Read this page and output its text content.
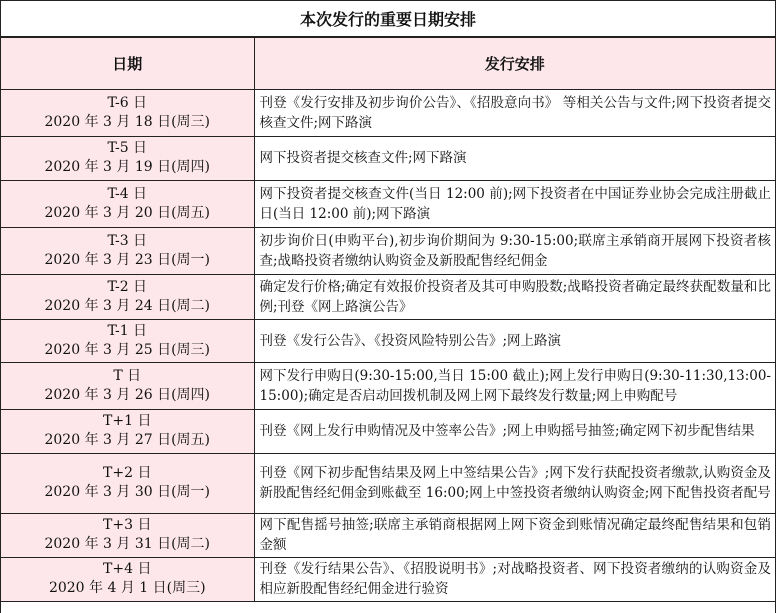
本次发行的重要日期安排
日期	发行安排

T-6 日
2020 年 3 月 18 日(周三)	刊登《发行安排及初步询价公告》、《招股意向书》 等相关公告与文件;网下投资者提交核查文件;网下路演

T-5 日
2020 年 3 月 19 日(周四)	网下投资者提交核查文件;网下路演

T-4 日
2020 年 3 月 20 日(周五)	网下投资者提交核查文件(当日 12:00 前);网下投资者在中国证券业协会完成注册截止日(当日 12:00 前);网下路演

T-3 日
2020 年 3 月 23 日(周一)	初步询价日(申购平台),初步询价期间为 9:30-15:00;联席主承销商开展网下投资者核查;战略投资者缴纳认购资金及新股配售经纪佣金

T-2 日
2020 年 3 月 24 日(周二)	确定发行价格;确定有效报价投资者及其可申购股数;战略投资者确定最终获配数量和比例;刊登《网上路演公告》

T-1 日
2020 年 3 月 25 日(周三)	刊登《发行公告》、《投资风险特别公告》;网上路演

T 日
2020 年 3 月 26 日(周四)	网下发行申购日(9:30-15:00,当日 15:00 截止);网上发行申购日(9:30-11:30,13:00-15:00);确定是否启动回拨机制及网上网下最终发行数量;网上申购配号

T+1 日
2020 年 3 月 27 日(周五)	刊登《网上发行申购情况及中签率公告》;网上申购摇号抽签;确定网下初步配售结果

T+2 日
2020 年 3 月 30 日(周一)	刊登《网下初步配售结果及网上中签结果公告》;网下发行获配投资者缴款,认购资金及新股配售经纪佣金到账截至 16:00;网上中签投资者缴纳认购资金;网下配售投资者配号

T+3 日
2020 年 3 月 31 日(周二)	网下配售摇号抽签;联席主承销商根据网上网下资金到账情况确定最终配售结果和包销金额

T+4 日
2020 年 4 月 1 日(周三)	刊登《发行结果公告》、《招股说明书》;对战略投资者、网下投资者缴纳的认购资金及相应新股配售经纪佣金进行验资
